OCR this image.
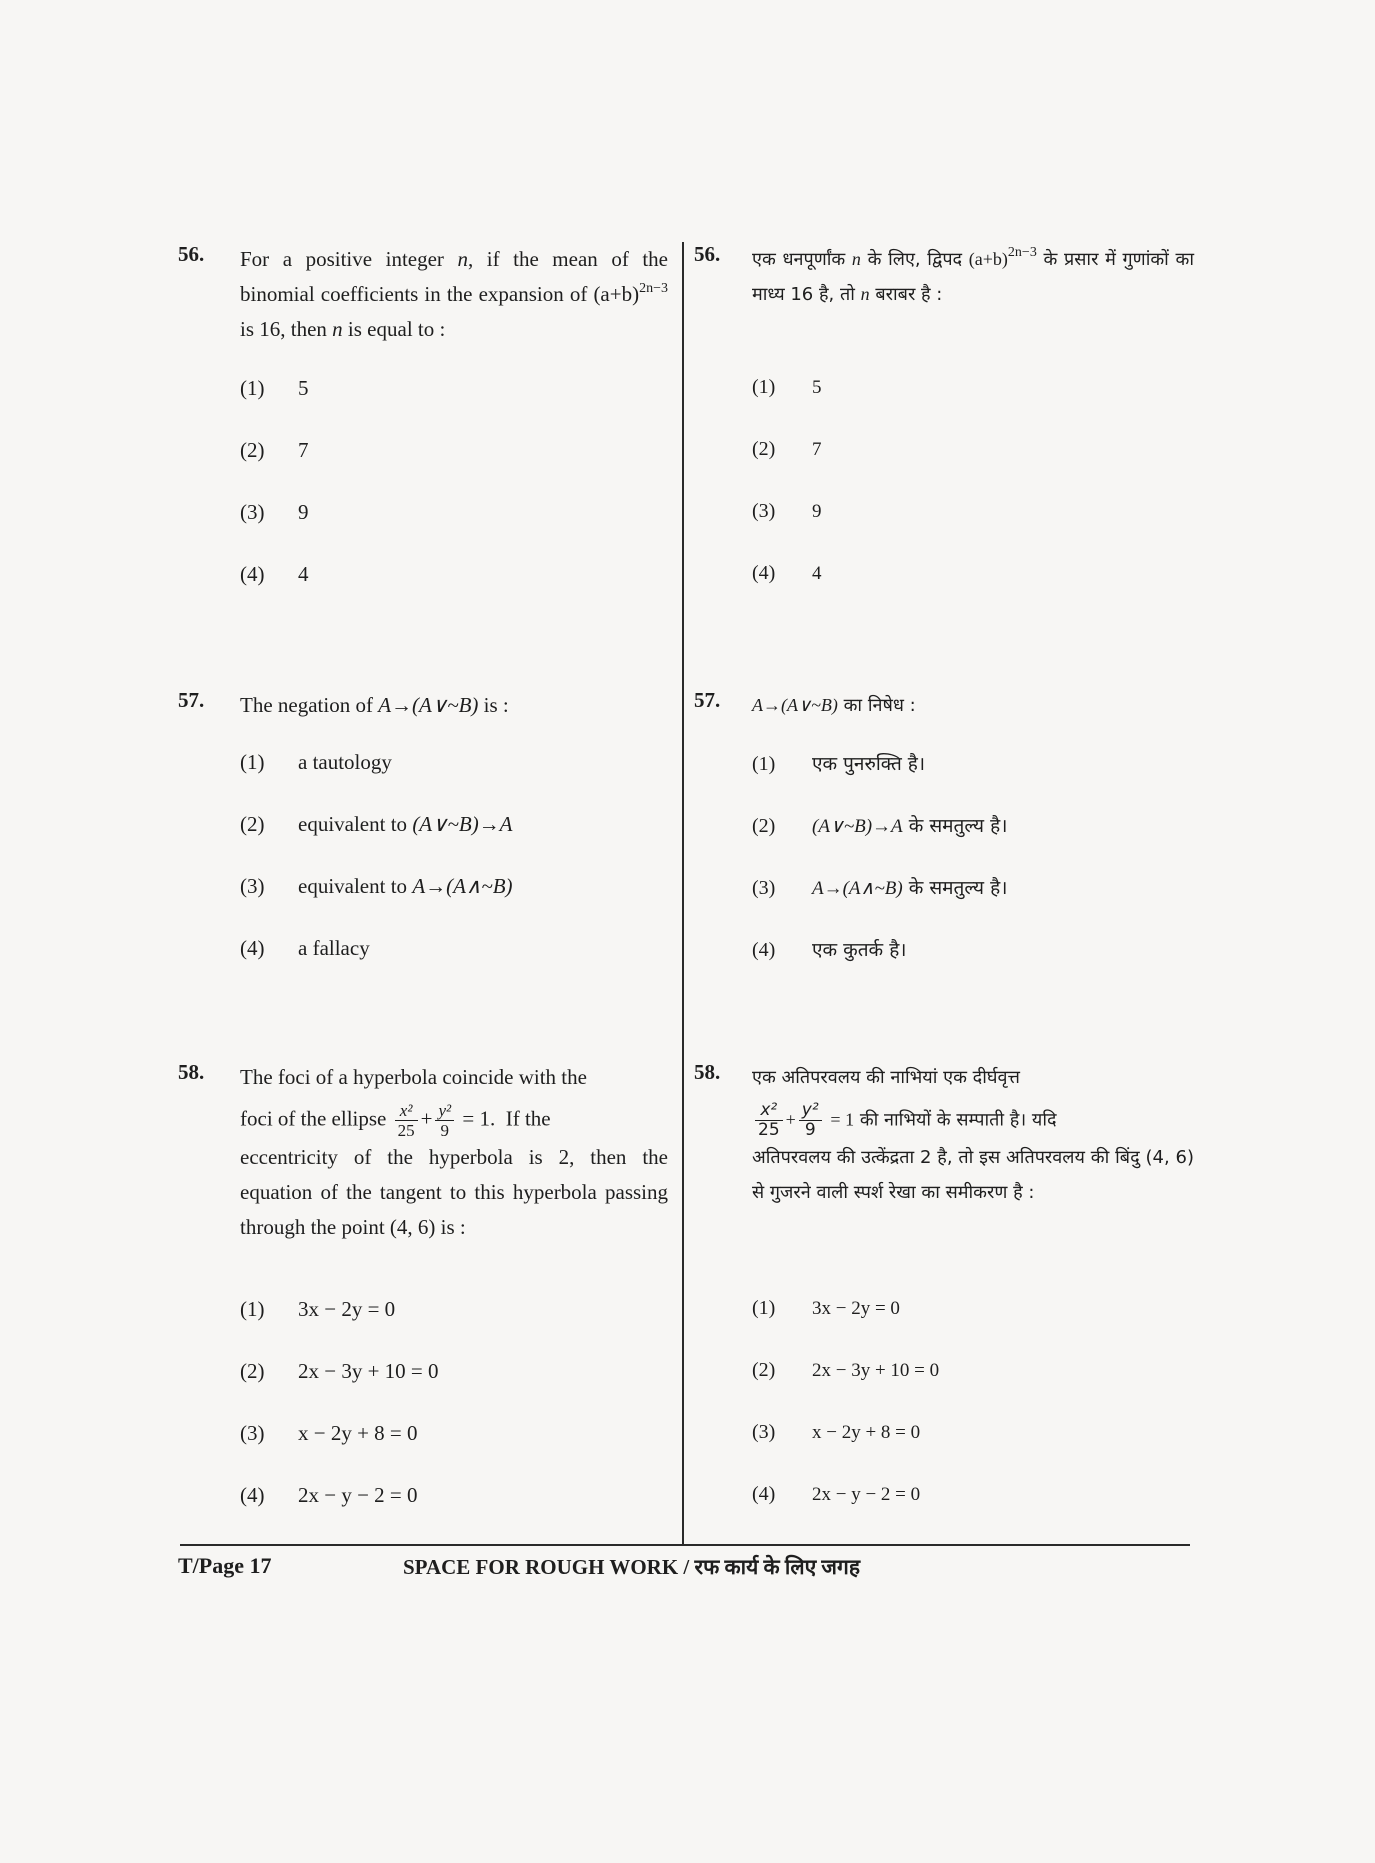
56. For a positive integer n, if the mean of the binomial coefficients in the expansion of $(a+b)^{2n-3}$ is 16, then n is equal to :
(1) 5
(2) 7
(3) 9
(4) 4
57. The negation of A→(A∨~B) is :
(1) a tautology
(2) equivalent to (A∨~B)→A
(3) equivalent to A→(A∧~B)
(4) a fallacy
58. The foci of a hyperbola coincide with the
foci of the ellipse $\frac{\text{x²}}{25} + \frac{\text{y²}}{9} = 1$. If the
eccentricity of the hyperbola is 2, then the equation of the tangent to this hyperbola passing through the point (4, 6) is :
(1) 3x − 2y = 0
(2) 2x − 3y + 10 = 0
(3) x − 2y + 8 = 0
(4) 2x − y − 2 = 0
56. एक धनपूर्णांक n के लिए, द्विपद $(a+b)^{2n-3}$ के प्रसार में गुणांकों का माध्य 16 है, तो n बराबर है :
(1) 5
(2) 7
(3) 9
(4) 4
57. A→(A∨~B) का निषेध :
(1) एक पुनरुक्ति है।
(2) (A∨~B)→A के समतुल्य है।
(3) A→(A∧~B) के समतुल्य है।
(4) एक कुतर्क है।
58. एक अतिपरवलय की नाभियां एक दीर्घवृत्त
$\frac{\text{x²}}{25} + \frac{\text{y²}}{9} = 1$ की नाभियों के सम्पाती है। यदि
अतिपरवलय की उत्केंद्रता 2 है, तो इस अतिपरवलय की बिंदु (4, 6) से गुजरने वाली स्पर्श रेखा का समीकरण है :
(1) 3x − 2y = 0
(2) 2x − 3y + 10 = 0
(3) x − 2y + 8 = 0
(4) 2x − y − 2 = 0
T/Page 17	SPACE FOR ROUGH WORK / रफ कार्य के लिए जगह
